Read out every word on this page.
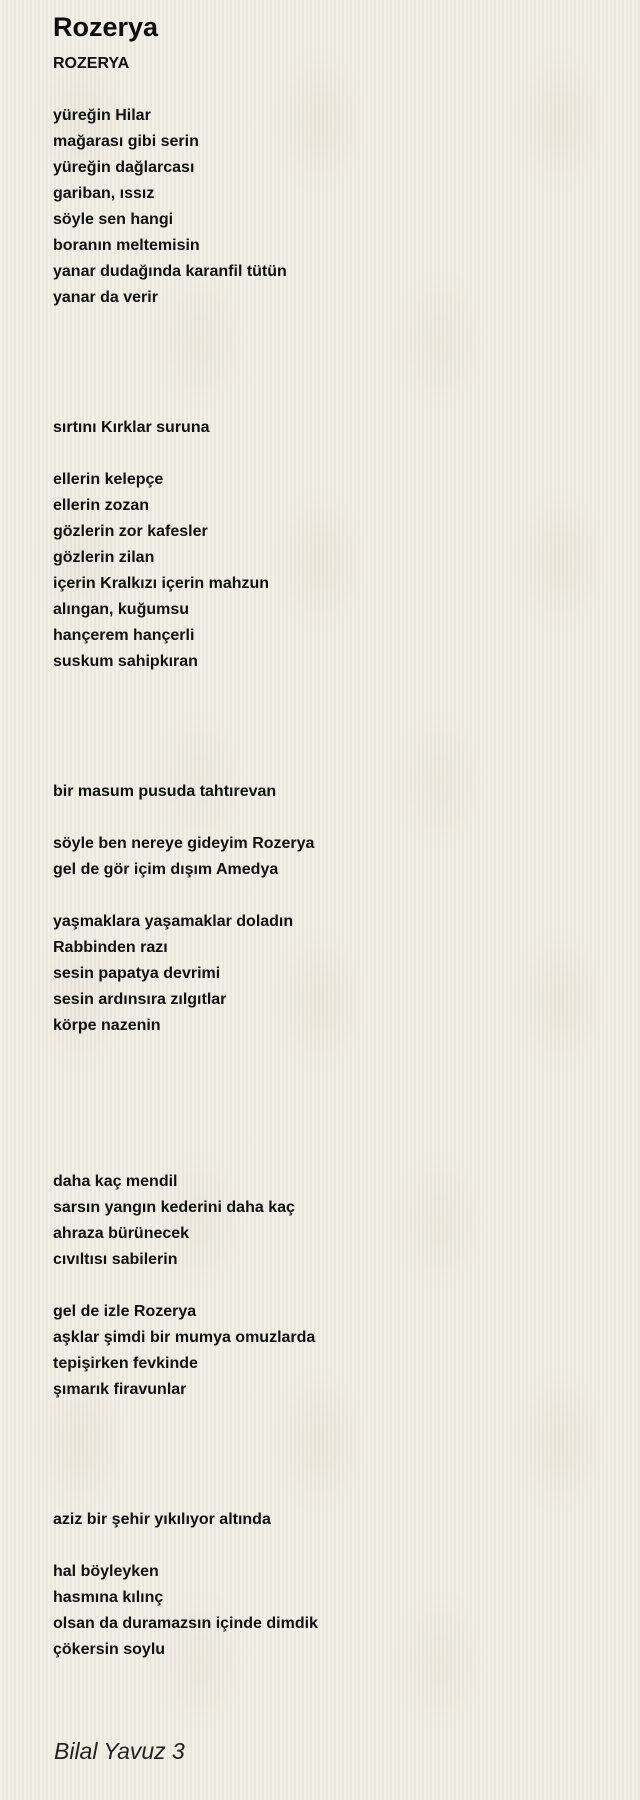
Rozerya
ROZERYA

yüreğin Hilar
mağarası gibi serin
yüreğin dağlarcası
gariban, ıssız
söyle sen hangi
boranın meltemisin
yanar dudağında karanfil tütün
yanar da verir

sırtını Kırklar suruna

ellerin kelepçe
ellerin zozan
gözlerin zor kafesler
gözlerin zilan
içerin Kralkızı içerin mahzun
alıngan, kuğumsu
hançerem hançerli
suskum sahipkıran

bir masum pusuda tahtırevan

söyle ben nereye gideyim Rozerya
gel de gör içim dışım Amedya

yaşmaklara yaşamaklar doladın
Rabbinden razı
sesin papatya devrimi
sesin ardınsıra zılgıtlar
körpe nazenin

daha kaç mendil
sarsın yangın kederini daha kaç
ahraza bürünecek
cıvıltısı sabilerin

gel de izle Rozerya
aşklar şimdi bir mumya omuzlarda
tepişirken fevkinde
şımarık firavunlar

aziz bir şehir yıkılıyor altında

hal böyleyken
hasmına kılınç
olsan da duramazsın içinde dimdik
çökersin soylu
Bilal Yavuz 3
